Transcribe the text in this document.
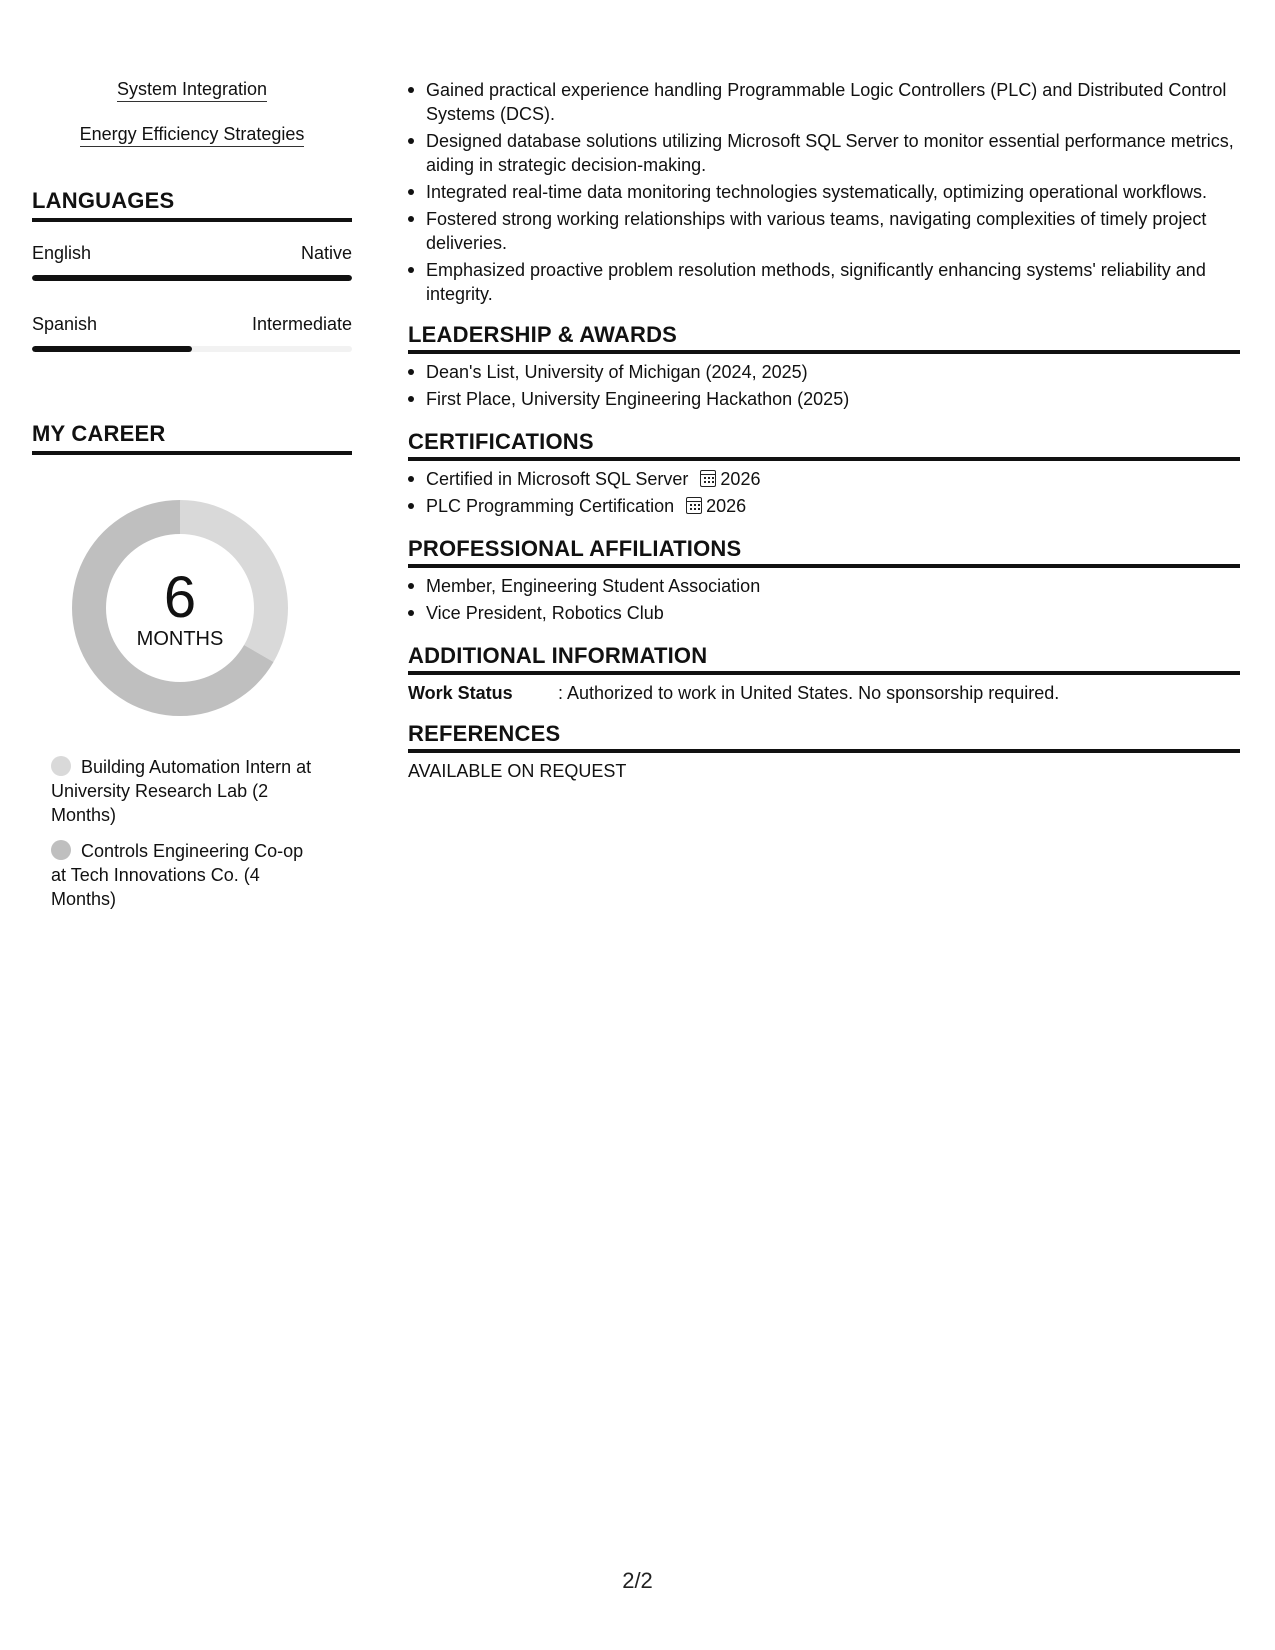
System Integration
Energy Efficiency Strategies
LANGUAGES
English	Native
Spanish	Intermediate
MY CAREER
6
MONTHS
Building Automation Intern at University Research Lab (2 Months)
Controls Engineering Co-op at Tech Innovations Co. (4 Months)
Gained practical experience handling Programmable Logic Controllers (PLC) and Distributed Control Systems (DCS).
Designed database solutions utilizing Microsoft SQL Server to monitor essential performance metrics, aiding in strategic decision-making.
Integrated real-time data monitoring technologies systematically, optimizing operational workflows.
Fostered strong working relationships with various teams, navigating complexities of timely project deliveries.
Emphasized proactive problem resolution methods, significantly enhancing systems' reliability and integrity.
LEADERSHIP & AWARDS
Dean's List, University of Michigan (2024, 2025)
First Place, University Engineering Hackathon (2025)
CERTIFICATIONS
Certified in Microsoft SQL Server 2026
PLC Programming Certification 2026
PROFESSIONAL AFFILIATIONS
Member, Engineering Student Association
Vice President, Robotics Club
ADDITIONAL INFORMATION
Work Status	: Authorized to work in United States. No sponsorship required.
REFERENCES
AVAILABLE ON REQUEST
2/2
